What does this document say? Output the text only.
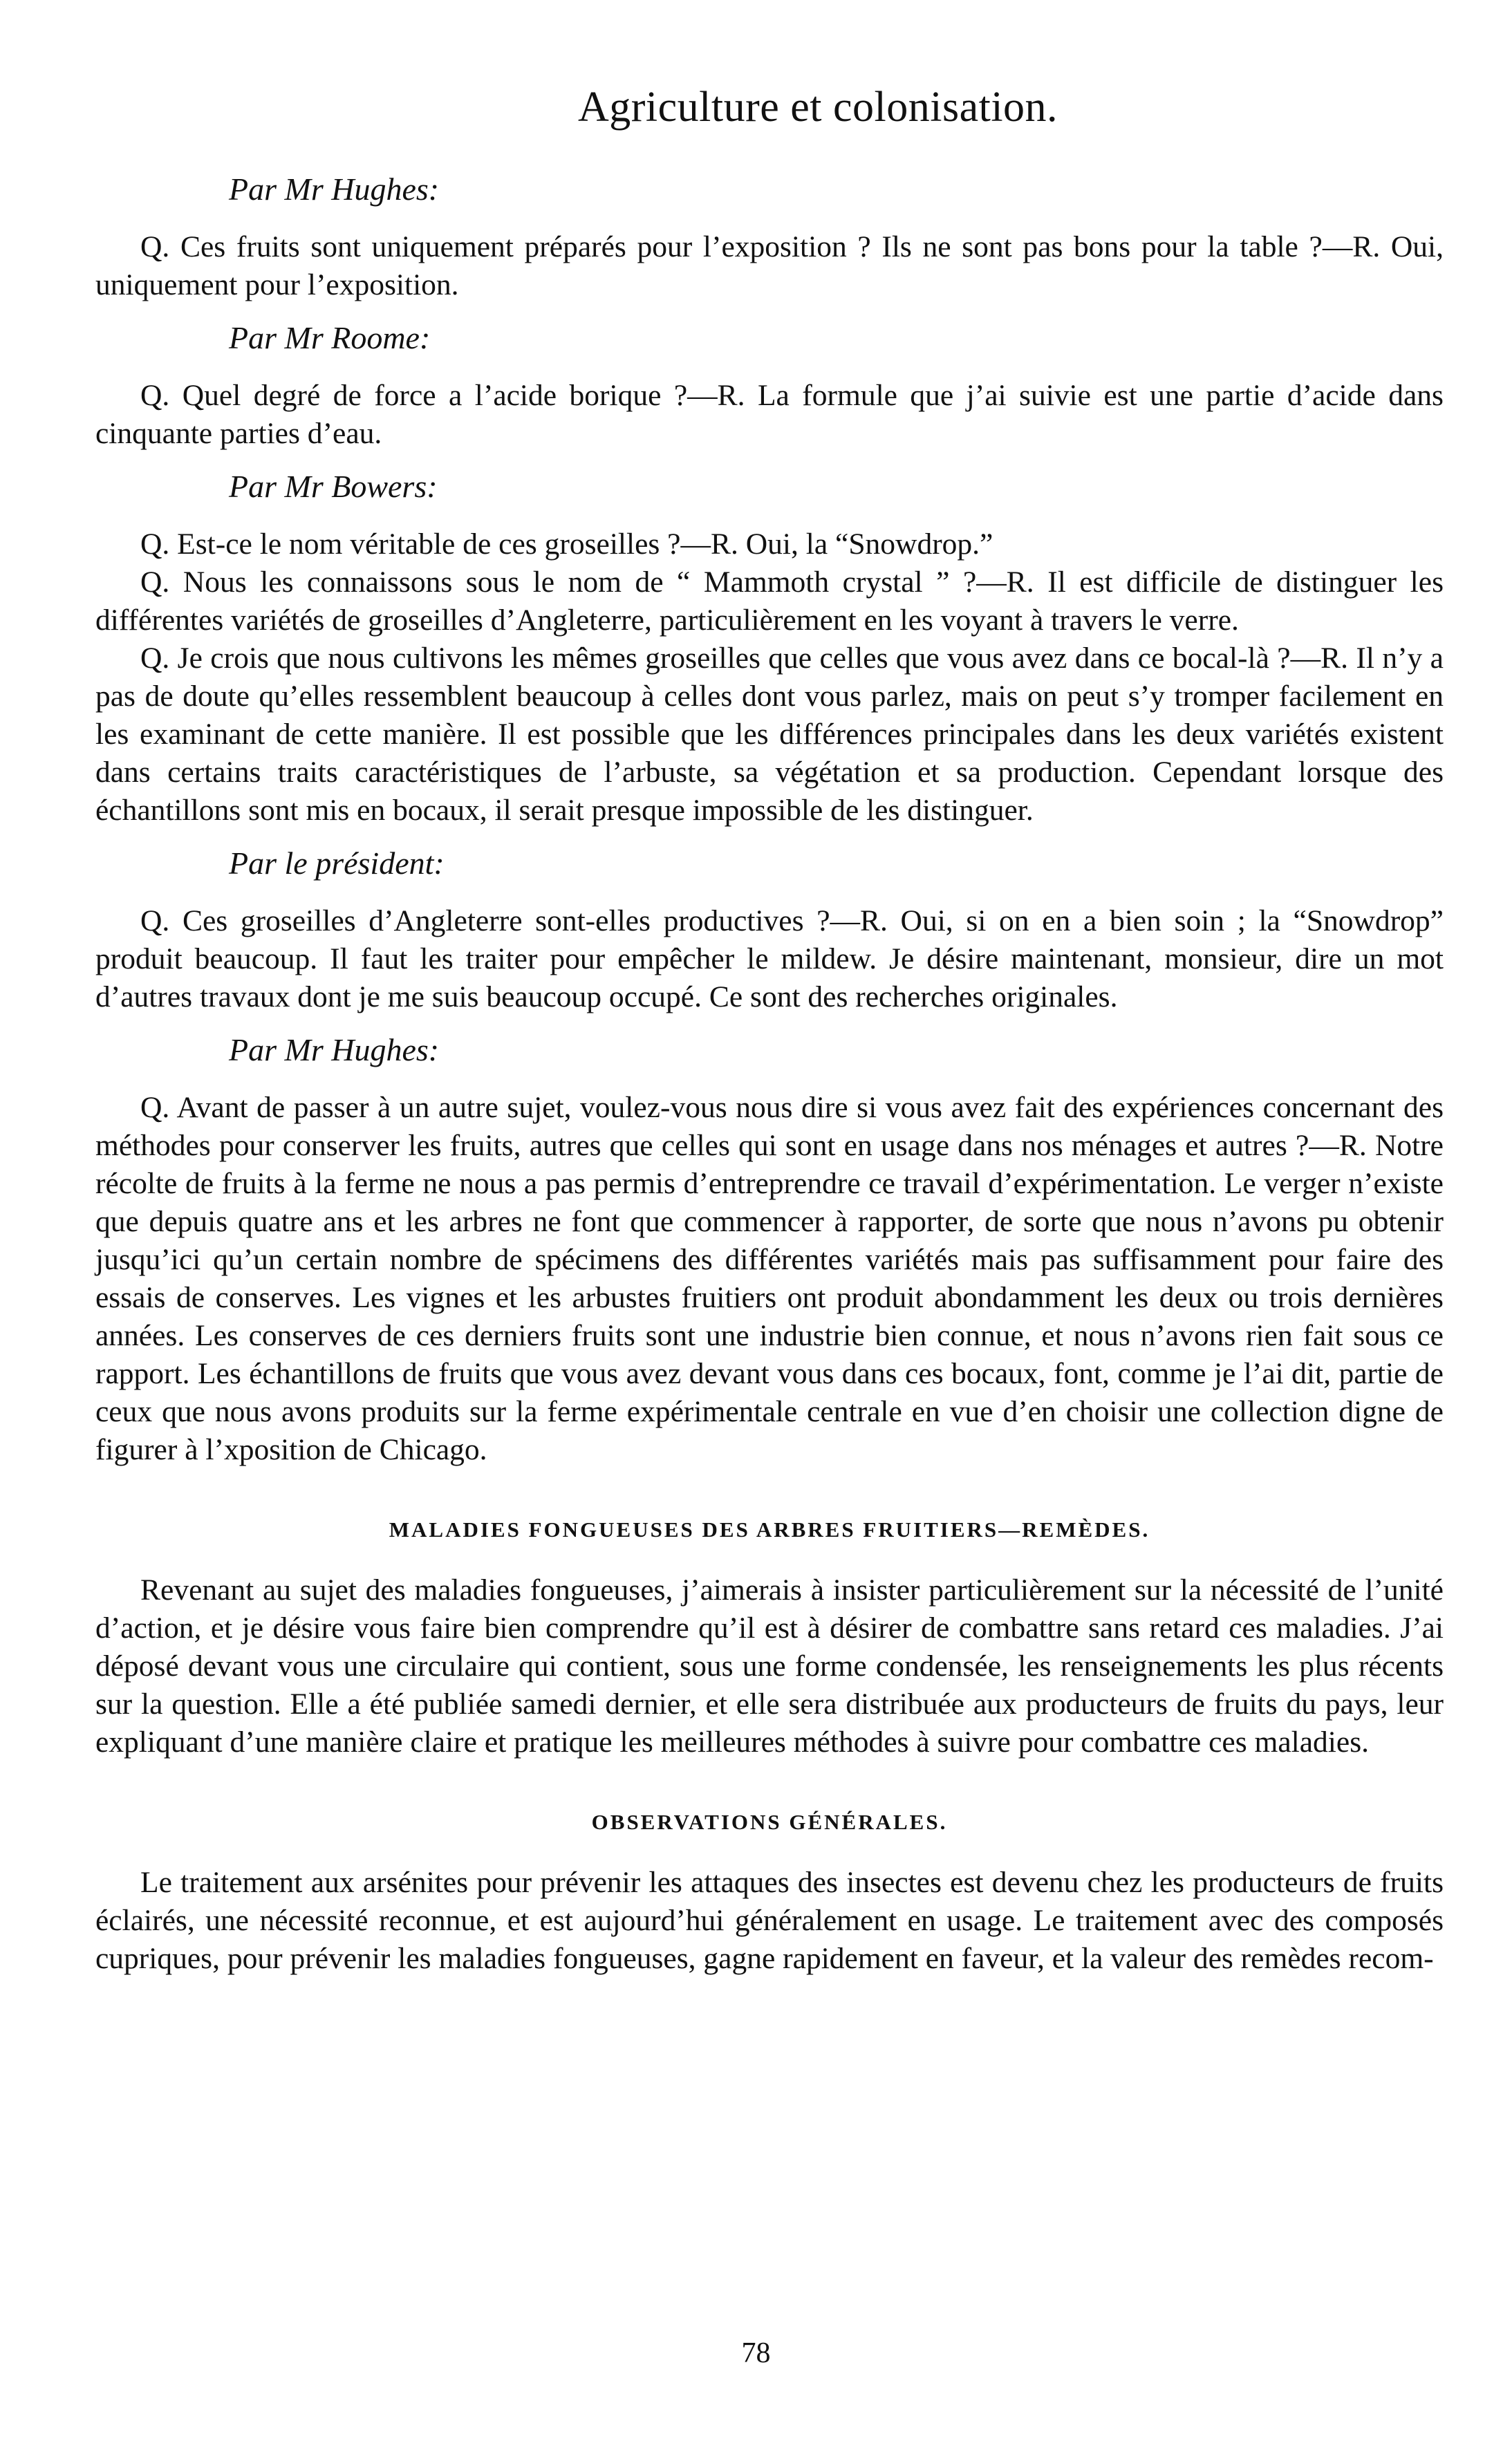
Agriculture et colonisation.
Par Mr Hughes:

Q. Ces fruits sont uniquement préparés pour l’exposition ? Ils ne sont pas bons pour la table ?—R. Oui, uniquement pour l’exposition.

Par Mr Roome:

Q. Quel degré de force a l’acide borique ?—R. La formule que j’ai suivie est une partie d’acide dans cinquante parties d’eau.

Par Mr Bowers:

Q. Est-ce le nom véritable de ces groseilles ?—R. Oui, la “Snowdrop.”

Q. Nous les connaissons sous le nom de “ Mammoth crystal ” ?—R. Il est difficile de distinguer les différentes variétés de groseilles d’Angleterre, particulièrement en les voyant à travers le verre.

Q. Je crois que nous cultivons les mêmes groseilles que celles que vous avez dans ce bocal-là ?—R. Il n’y a pas de doute qu’elles ressemblent beaucoup à celles dont vous parlez, mais on peut s’y tromper facilement en les examinant de cette manière. Il est possible que les différences principales dans les deux variétés existent dans certains traits caractéristiques de l’arbuste, sa végétation et sa production. Cependant lorsque des échantillons sont mis en bocaux, il serait presque impossible de les distinguer.

Par le président:

Q. Ces groseilles d’Angleterre sont-elles productives ?—R. Oui, si on en a bien soin ; la “Snowdrop” produit beaucoup. Il faut les traiter pour empêcher le mildew. Je désire maintenant, monsieur, dire un mot d’autres travaux dont je me suis beaucoup occupé. Ce sont des recherches originales.

Par Mr Hughes:

Q. Avant de passer à un autre sujet, voulez-vous nous dire si vous avez fait des expériences concernant des méthodes pour conserver les fruits, autres que celles qui sont en usage dans nos ménages et autres ?—R. Notre récolte de fruits à la ferme ne nous a pas permis d’entreprendre ce travail d’expérimentation. Le verger n’existe que depuis quatre ans et les arbres ne font que commencer à rapporter, de sorte que nous n’avons pu obtenir jusqu’ici qu’un certain nombre de spécimens des différentes variétés mais pas suffisamment pour faire des essais de conserves. Les vignes et les arbustes fruitiers ont produit abondamment les deux ou trois dernières années. Les conserves de ces derniers fruits sont une industrie bien connue, et nous n’avons rien fait sous ce rapport. Les échantillons de fruits que vous avez devant vous dans ces bocaux, font, comme je l’ai dit, partie de ceux que nous avons produits sur la ferme expérimentale centrale en vue d’en choisir une collection digne de figurer à l’xposition de Chicago.

MALADIES FONGUEUSES DES ARBRES FRUITIERS—REMÈDES.

Revenant au sujet des maladies fongueuses, j’aimerais à insister particulièrement sur la nécessité de l’unité d’action, et je désire vous faire bien comprendre qu’il est à désirer de combattre sans retard ces maladies. J’ai déposé devant vous une circulaire qui contient, sous une forme condensée, les renseignements les plus récents sur la question. Elle a été publiée samedi dernier, et elle sera distribuée aux producteurs de fruits du pays, leur expliquant d’une manière claire et pratique les meilleures méthodes à suivre pour combattre ces maladies.

OBSERVATIONS GÉNÉRALES.

Le traitement aux arsénites pour prévenir les attaques des insectes est devenu chez les producteurs de fruits éclairés, une nécessité reconnue, et est aujourd’hui généralement en usage. Le traitement avec des composés cupriques, pour prévenir les maladies fongueuses, gagne rapidement en faveur, et la valeur des remèdes recom-

78
